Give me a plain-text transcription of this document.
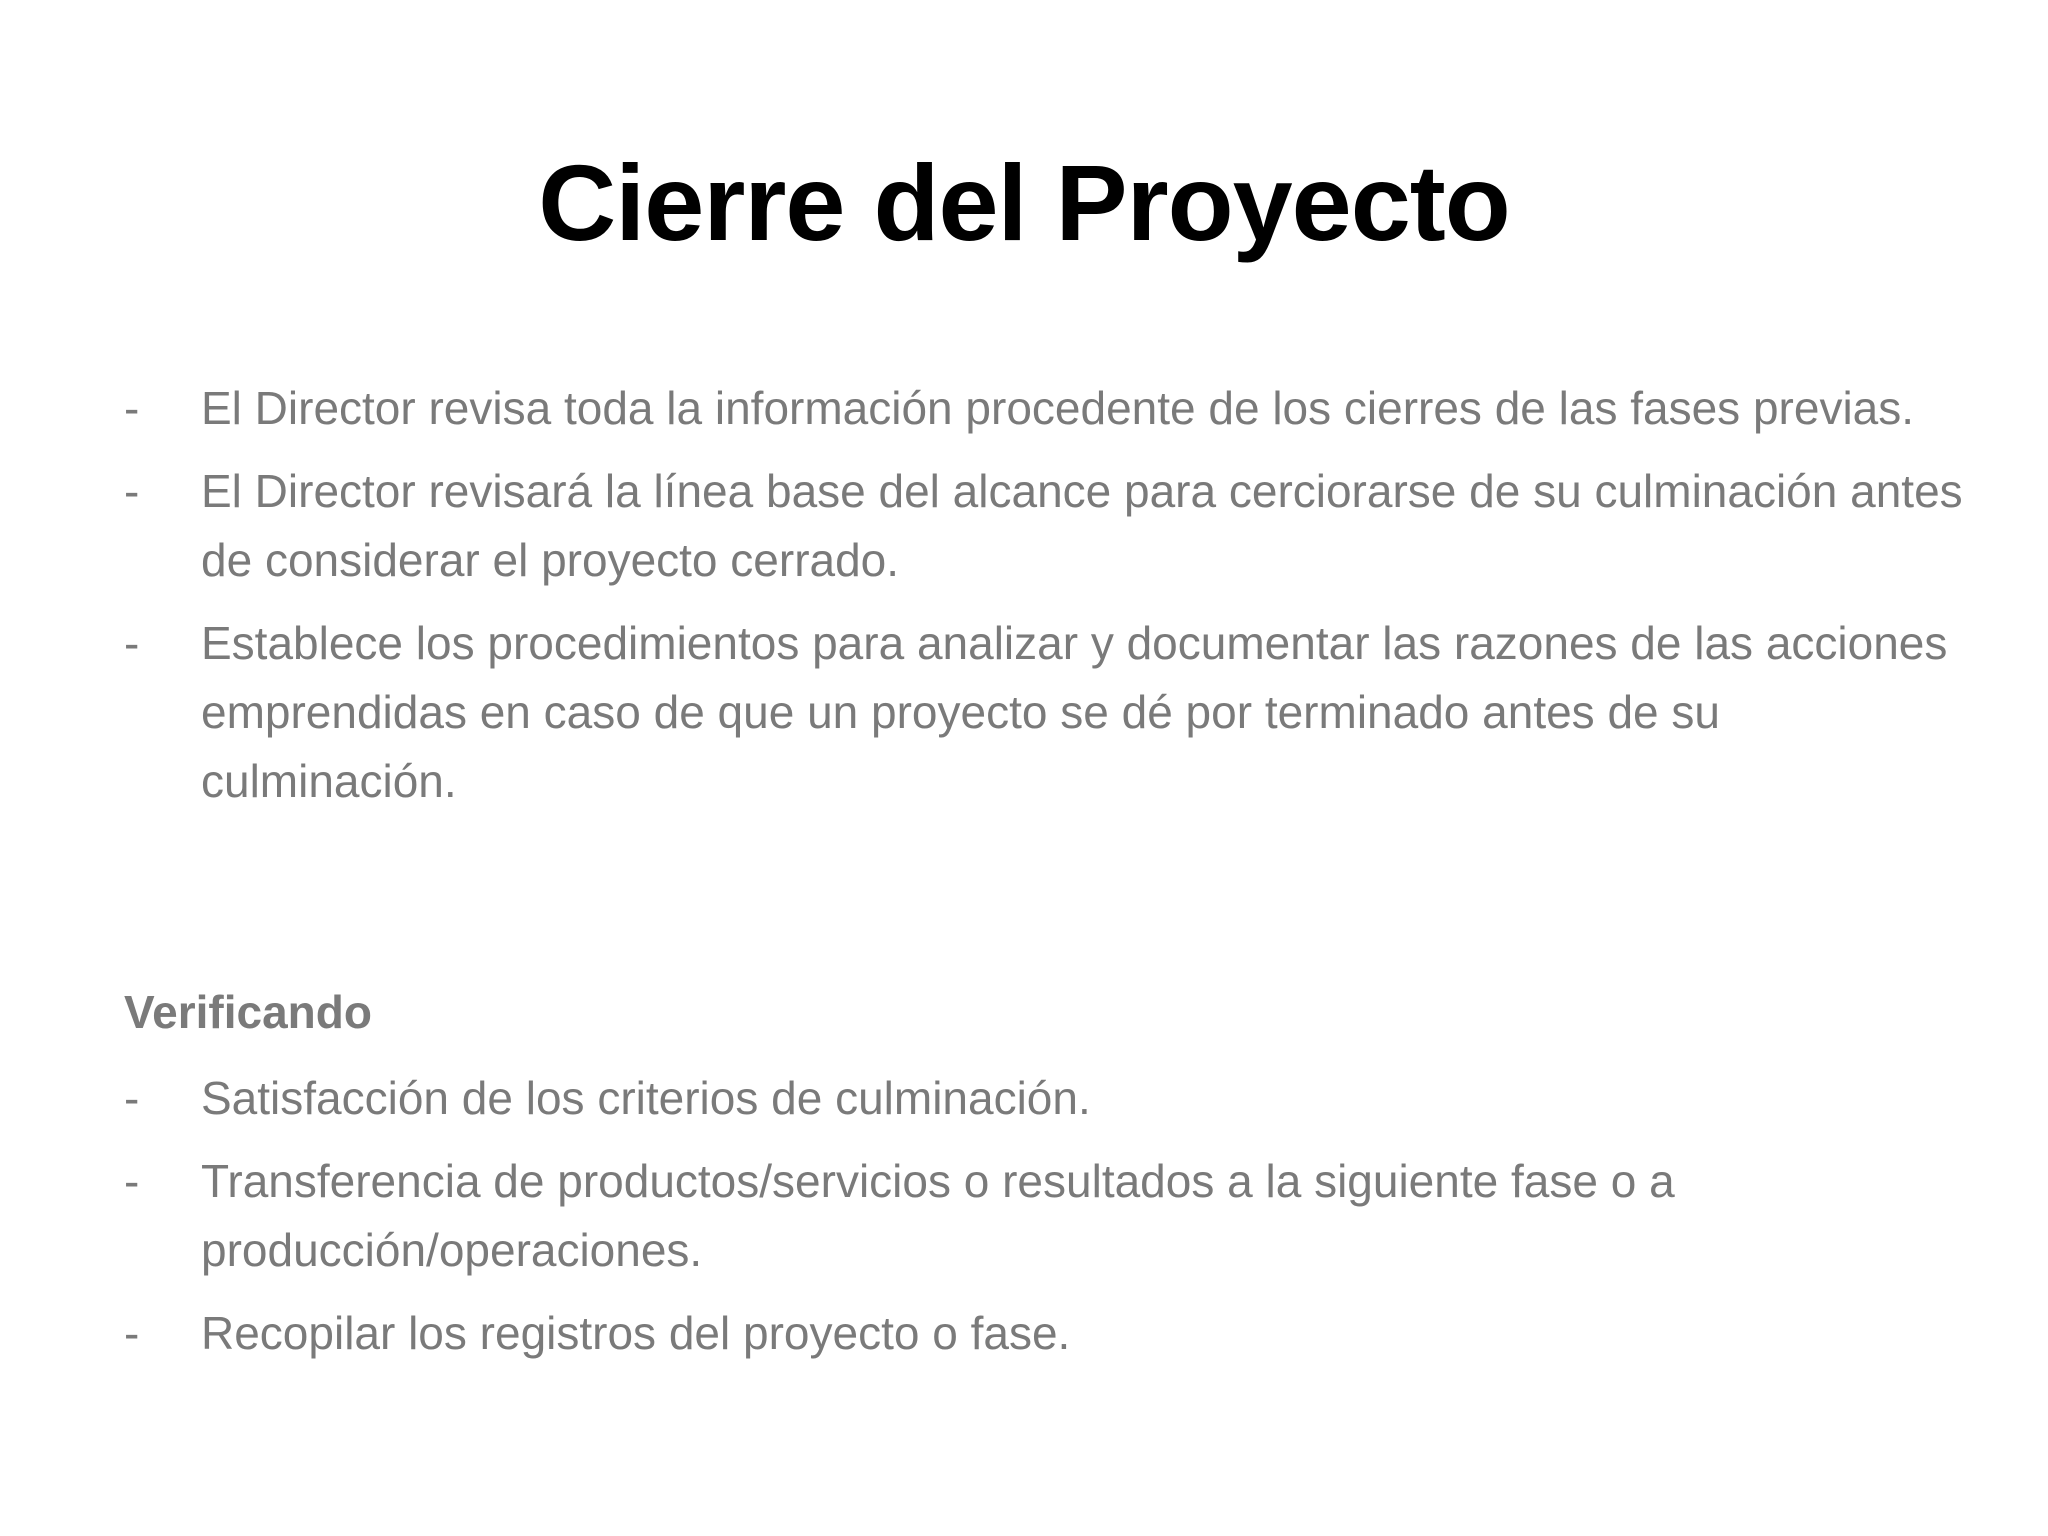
Cierre del Proyecto
- El Director revisa toda la información procedente de los cierres de las fases previas.
- El Director revisará la línea base del alcance para cerciorarse de su culminación antes de considerar el proyecto cerrado.
- Establece los procedimientos para analizar y documentar las razones de las acciones emprendidas en caso de que un proyecto se dé por terminado antes de su culminación.
Verificando
- Satisfacción de los criterios de culminación.
- Transferencia de productos/servicios o resultados a la siguiente fase o a producción/operaciones.
- Recopilar los registros del proyecto o fase.
